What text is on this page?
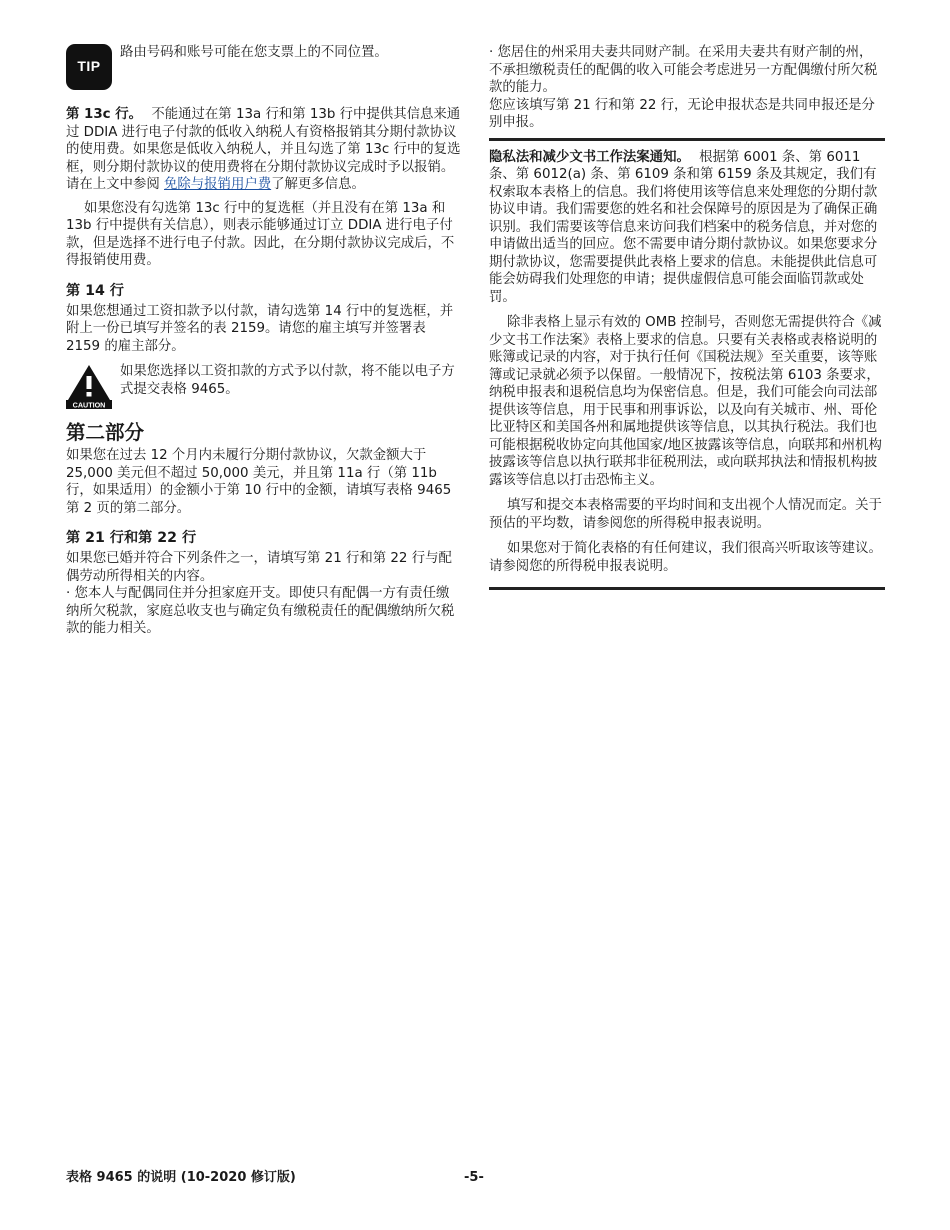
TIP

路由号码和账号可能在您支票上的不同位置。

第 13c 行。 不能通过在第 13a 行和第 13b 行中提供其信息来通过 DDIA 进行电子付款的低收入纳税人有资格报销其分期付款协议的使用费。如果您是低收入纳税人，并且勾选了第 13c 行中的复选框，则分期付款协议的使用费将在分期付款协议完成时予以报销。请在上文中参阅 免除与报销用户费了解更多信息。

如果您没有勾选第 13c 行中的复选框（并且没有在第 13a 和 13b 行中提供有关信息），则表示能够通过订立 DDIA 进行电子付款，但是选择不进行电子付款。因此，在分期付款协议完成后，不得报销使用费。

第 14 行

如果您想通过工资扣款予以付款，请勾选第 14 行中的复选框，并附上一份已填写并签名的表 2159。请您的雇主填写并签署表 2159 的雇主部分。

CAUTION

如果您选择以工资扣款的方式予以付款，将不能以电子方式提交表格 9465。

第二部分

如果您在过去 12 个月内未履行分期付款协议，欠款金额大于 25,000 美元但不超过 50,000 美元，并且第 11a 行（第 11b 行，如果适用）的金额小于第 10 行中的金额，请填写表格 9465 第 2 页的第二部分。

第 21 行和第 22 行

如果您已婚并符合下列条件之一，请填写第 21 行和第 22 行与配偶劳动所得相关的内容。

· 您本人与配偶同住并分担家庭开支。即使只有配偶一方有责任缴纳所欠税款，家庭总收支也与确定负有缴税责任的配偶缴纳所欠税款的能力相关。

· 您居住的州采用夫妻共同财产制。在采用夫妻共有财产制的州，不承担缴税责任的配偶的收入可能会考虑进另一方配偶缴付所欠税款的能力。

您应该填写第 21 行和第 22 行，无论申报状态是共同申报还是分别申报。

隐私法和减少文书工作法案通知。 根据第 6001 条、第 6011 条、第 6012(a) 条、第 6109 条和第 6159 条及其规定，我们有权索取本表格上的信息。我们将使用该等信息来处理您的分期付款协议申请。我们需要您的姓名和社会保障号的原因是为了确保正确识别。我们需要该等信息来访问我们档案中的税务信息，并对您的申请做出适当的回应。您不需要申请分期付款协议。如果您要求分期付款协议，您需要提供此表格上要求的信息。未能提供此信息可能会妨碍我们处理您的申请；提供虚假信息可能会面临罚款或处罚。

除非表格上显示有效的 OMB 控制号，否则您无需提供符合《减少文书工作法案》表格上要求的信息。只要有关表格或表格说明的账簿或记录的内容，对于执行任何《国税法规》至关重要，该等账簿或记录就必须予以保留。一般情况下，按税法第 6103 条要求，纳税申报表和退税信息均为保密信息。但是，我们可能会向司法部提供该等信息，用于民事和刑事诉讼，以及向有关城市、州、哥伦比亚特区和美国各州和属地提供该等信息，以其执行税法。我们也可能根据税收协定向其他国家/地区披露该等信息，向联邦和州机构披露该等信息以执行联邦非征税刑法，或向联邦执法和情报机构披露该等信息以打击恐怖主义。

填写和提交本表格需要的平均时间和支出视个人情况而定。关于预估的平均数，请参阅您的所得税申报表说明。

如果您对于简化表格的有任何建议，我们很高兴听取该等建议。请参阅您的所得税申报表说明。

表格 9465 的说明 (10-2020 修订版)	-5-
